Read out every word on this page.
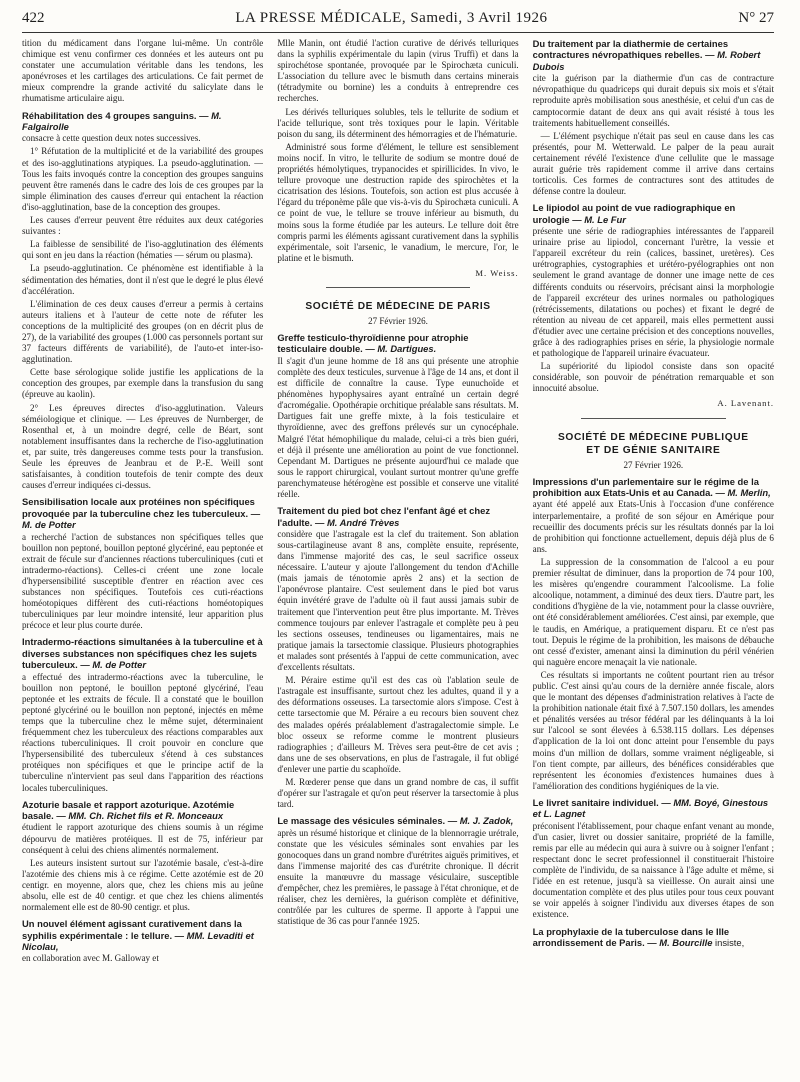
422	LA PRESSE MÉDICALE, Samedi, 3 Avril 1926	N° 27

tition du médicament dans l'organe lui-même. Un contrôle chimique est venu confirmer ces données et les auteurs ont pu constater une accumulation véritable dans les tendons, les aponévroses et les cartilages des articulations. Ce fait permet de mieux comprendre la grande activité du salicylate dans le rhumatisme articulaire aigu.

Réhabilitation des 4 groupes sanguins. — M. Falgairolle

consacre à cette question deux notes successives.

1° Réfutation de la multiplicité et de la variabilité des groupes et des iso-agglutinations atypiques. La pseudo-agglutination. — Tous les faits invoqués contre la conception des groupes sanguins peuvent être ramenés dans le cadre des lois de ces groupes par la simple élimination des causes d'erreur qui entachent la réaction d'iso-agglutination, base de la conception des groupes.

Les causes d'erreur peuvent être réduites aux deux catégories suivantes :

La faiblesse de sensibilité de l'iso-agglutination des éléments qui sont en jeu dans la réaction (hématies — sérum ou plasma).

La pseudo-agglutination. Ce phénomène est identifiable à la sédimentation des hématies, dont il n'est que le degré le plus élevé d'accélération.

L'élimination de ces deux causes d'erreur a permis à certains auteurs italiens et à l'auteur de cette note de réfuter les conceptions de la multiplicité des groupes (on en décrit plus de 27), de la variabilité des groupes (1.000 cas personnels portant sur 37 facteurs différents de variabilité), de l'auto-et inter-iso-agglutination.

Cette base sérologique solide justifie les applications de la conception des groupes, par exemple dans la transfusion du sang (épreuve au kaolin).

2° Les épreuves directes d'iso-agglutination. Valeurs séméiologique et clinique. — Les épreuves de Nurnberger, de Rosenthal et, à un moindre degré, celle de Béart, sont notablement insuffisantes dans la recherche de l'iso-agglutination et, par suite, très dangereuses comme tests pour la transfusion. Seule les épreuves de Jeanbrau et de P.-E. Weill sont satisfaisantes, à condition toutefois de tenir compte des deux causes d'erreur indiquées ci-dessus.

Sensibilisation locale aux protéines non spécifiques provoquée par la tuberculine chez les tuberculeux. — M. de Potter

a recherché l'action de substances non spécifiques telles que bouillon non peptoné, bouillon peptoné glycériné, eau peptonée et extrait de fécule sur d'anciennes réactions tuberculiniques (cuti et intradermo-réactions). Celles-ci créent une zone locale d'hypersensibilité susceptible d'entrer en réaction avec ces substances non spécifiques. Toutefois ces cuti-réactions homéotopiques diffèrent des cuti-réactions homéotopiques tuberculiniques par leur moindre intensité, leur apparition plus précoce et leur plus courte durée.

Intradermo-réactions simultanées à la tuberculine et à diverses substances non spécifiques chez les sujets tuberculeux. — M. de Potter

a effectué des intradermo-réactions avec la tuberculine, le bouillon non peptoné, le bouillon peptoné glycériné, l'eau peptonée et les extraits de fécule. Il a constaté que le bouillon peptoné glycériné ou le bouillon non peptoné, injectés en même temps que la tuberculine chez le même sujet, déterminaient fréquemment chez les tuberculeux des réactions comparables aux réactions tuberculiniques. Il croit pouvoir en conclure que l'hypersensibilité des tuberculeux s'étend à ces substances protéiques non spécifiques et que le principe actif de la tuberculine n'intervient pas seul dans l'apparition des réactions locales tuberculiniques.

Azoturie basale et rapport azoturique. Azotémie basale. — MM. Ch. Richet fils et R. Monceaux

étudient le rapport azoturique des chiens soumis à un régime dépourvu de matières protéiques. Il est de 75, inférieur par conséquent à celui des chiens alimentés normalement.

Les auteurs insistent surtout sur l'azotémie basale, c'est-à-dire l'azotémie des chiens mis à ce régime. Cette azotémie est de 20 centigr. en moyenne, alors que, chez les chiens mis au jeûne absolu, elle est de 40 centigr. et que chez les chiens alimentés normalement elle est de 80-90 centigr. et plus.

Un nouvel élément agissant curativement dans la syphilis expérimentale : le tellure. — MM. Levaditi et Nicolau,

en collaboration avec M. Galloway et

Mlle Manin, ont étudié l'action curative de dérivés telluriques dans la syphilis expérimentale du lapin (virus Truffi) et dans la spirochétose spontanée, provoquée par le Spirochæta cuniculi. L'association du tellure avec le bismuth dans certains minerais (tétradymite ou bornine) les a conduits à entreprendre ces recherches.

Les dérivés telluriques solubles, tels le tellurite de sodium et l'acide tellurique, sont très toxiques pour le lapin. Véritable poison du sang, ils déterminent des hémorragies et de l'hématurie.

Administré sous forme d'élément, le tellure est sensiblement moins nocif. In vitro, le tellurite de sodium se montre doué de propriétés hémolytiques, trypanocides et spirillicides. In vivo, le tellure provoque une destruction rapide des spirochètes et la cicatrisation des lésions. Toutefois, son action est plus accusée à l'égard du tréponème pâle que vis-à-vis du Spirochæta cuniculi. A ce point de vue, le tellure se trouve inférieur au bismuth, du moins sous la forme étudiée par les auteurs. Le tellure doit être compris parmi les éléments agissant curativement dans la syphilis expérimentale, soit l'arsenic, le vanadium, le mercure, l'or, le platine et le bismuth.

M. Weiss.
SOCIÉTÉ DE MÉDECINE DE PARIS
27 Février 1926.
Greffe testiculo-thyroïdienne pour atrophie testiculaire double. — M. Dartigues.

Il s'agit d'un jeune homme de 18 ans qui présente une atrophie complète des deux testicules, survenue à l'âge de 14 ans, et dont il est difficile de connaître la cause. Type eunuchoïde et phénomènes hypophysaires ayant entraîné un certain degré d'acromégalie. Opothérapie orchitique préalable sans résultats. M. Dartigues fait une greffe mixte, à la fois testiculaire et thyroïdienne, avec des greffons prélevés sur un cynocéphale. Malgré l'état hémophilique du malade, celui-ci a très bien guéri, et déjà il présente une amélioration au point de vue fonctionnel. Cependant M. Dartigues ne présente aujourd'hui ce malade que sous le rapport chirurgical, voulant surtout montrer qu'une greffe parenchymateuse hétérogène est possible et conserve une vitalité réelle.

Traitement du pied bot chez l'enfant âgé et chez l'adulte. — M. André Trèves

considère que l'astragale est la clef du traitement. Son ablation sous-cartilagineuse avant 8 ans, complète ensuite, représente, dans l'immense majorité des cas, le seul sacrifice osseux nécessaire. L'auteur y ajoute l'allongement du tendon d'Achille (mais jamais de ténotomie après 2 ans) et la section de l'aponévrose plantaire. C'est seulement dans le pied bot varus équin invétéré grave de l'adulte où il faut aussi jamais subir de traitement que l'intervention peut être plus importante. M. Trèves commence toujours par enlever l'astragale et complète peu à peu les sections osseuses, tendineuses ou ligamentaires, mais ne pratique jamais la tarsectomie classique. Plusieurs photographies et malades sont présentés à l'appui de cette communication, avec d'excellents résultats.

M. Péraire estime qu'il est des cas où l'ablation seule de l'astragale est insuffisante, surtout chez les adultes, quand il y a des déformations osseuses. La tarsectomie alors s'impose. C'est à cette tarsectomie que M. Péraire a eu recours bien souvent chez des malades opérés préalablement d'astragalectomie simple. Le bloc osseux se reforme comme le montrent plusieurs radiographies ; d'ailleurs M. Trèves sera peut-être de cet avis ; dans une de ses observations, en plus de l'astragale, il fut obligé d'enlever une partie du scaphoïde.

M. Rœderer pense que dans un grand nombre de cas, il suffit d'opérer sur l'astragale et qu'on peut réserver la tarsectomie à plus tard.

Le massage des vésicules séminales. — M. J. Zadok,

après un résumé historique et clinique de la blennorragie urétrale, constate que les vésicules séminales sont envahies par les gonocoques dans un grand nombre d'urétrites aiguës primitives, et dans l'immense majorité des cas d'urétrite chronique. Il décrit ensuite la manœuvre du massage vésiculaire, susceptible d'empêcher, chez les premières, le passage à l'état chronique, et de réaliser, chez les dernières, la guérison complète et définitive, contrôlée par les cultures de sperme. Il apporte à l'appui une statistique de 36 cas pour l'année 1925.

Du traitement par la diathermie de certaines contractures névropathiques rebelles. — M. Robert Dubois

cite la guérison par la diathermie d'un cas de contracture névropathique du quadriceps qui durait depuis six mois et s'était reproduite après mobilisation sous anesthésie, et celui d'un cas de camptocormie datant de deux ans qui avait résisté à tous les traitements habituellement conseillés.

— L'élément psychique n'était pas seul en cause dans les cas présentés, pour M. Wetterwald. Le palper de la peau aurait certainement révélé l'existence d'une cellulite que le massage aurait guérie très rapidement comme il arrive dans certains torticolis. Ces formes de contractures sont des attitudes de défense contre la douleur.

Le lipiodol au point de vue radiographique en urologie — M. Le Fur

présente une série de radiographies intéressantes de l'appareil urinaire prise au lipiodol, concernant l'urètre, la vessie et l'appareil excréteur du rein (calices, bassinet, uretères). Ces urétrographies, cystographies et urétéro-pyélographies ont non seulement le grand avantage de donner une image nette de ces différents conduits ou réservoirs, précisant ainsi la morphologie de l'appareil excréteur des urines normales ou pathologiques (rétrécissements, dilatations ou poches) et fixant le degré de rétention au niveau de cet appareil, mais elles permettent aussi d'étudier avec une certaine précision et des conceptions nouvelles, grâce à des radiographies prises en série, la physiologie normale et pathologique de l'appareil urinaire évacuateur.

La supériorité du lipiodol consiste dans son opacité considérable, son pouvoir de pénétration remarquable et son innocuité absolue.

A. Lavenant.
SOCIÉTÉ DE MÉDECINE PUBLIQUE
ET DE GÉNIE SANITAIRE
27 Février 1926.
Impressions d'un parlementaire sur le régime de la prohibition aux Etats-Unis et au Canada. — M. Merlin,

ayant été appelé aux Etats-Unis à l'occasion d'une conférence interparlementaire, a profité de son séjour en Amérique pour recueillir des documents précis sur les résultats donnés par la loi de prohibition qui fonctionne actuellement, depuis déjà plus de 6 ans.

La suppression de la consommation de l'alcool a eu pour premier résultat de diminuer, dans la proportion de 74 pour 100, les misères qu'engendre couramment l'alcoolisme. La folie alcoolique, notamment, a diminué des deux tiers. D'autre part, les conditions d'hygiène de la vie, notamment pour la classe ouvrière, ont été considérablement améliorées. C'est ainsi, par exemple, que le taudis, en Amérique, a pratiquement disparu. Et ce n'est pas tout. Depuis le régime de la prohibition, les maisons de débauche ont cessé d'exister, amenant ainsi la diminution du péril vénérien qui naguère encore menaçait la vie nationale.

Ces résultats si importants ne coûtent pourtant rien au trésor public. C'est ainsi qu'au cours de la dernière année fiscale, alors que le montant des dépenses d'administration relatives à l'acte de la prohibition nationale était fixé à 7.507.150 dollars, les amendes et pénalités versées au trésor fédéral par les délinquants à la loi sur l'alcool se sont élevées à 6.538.115 dollars. Les dépenses d'application de la loi ont donc atteint pour l'ensemble du pays moins d'un million de dollars, somme vraiment négligeable, si l'on tient compte, par ailleurs, des bénéfices considérables que représentent les économies d'existences humaines dues à l'amélioration des conditions hygiéniques de la vie.

Le livret sanitaire individuel. — MM. Boyé, Ginestous et L. Lagnet

préconisent l'établissement, pour chaque enfant venant au monde, d'un casier, livret ou dossier sanitaire, propriété de la famille, remis par elle au médecin qui aura à suivre ou à soigner l'enfant ; respectant donc le secret professionnel il constituerait l'histoire complète de l'individu, de sa naissance à l'âge adulte et même, si l'idée en est retenue, jusqu'à sa vieillesse. On aurait ainsi une documentation complète et des plus utiles pour tous ceux pouvant se voir appelés à soigner l'individu aux diverses étapes de son existence.

La prophylaxie de la tuberculose dans le IIIe arrondissement de Paris. — M. Bourcille insiste,
